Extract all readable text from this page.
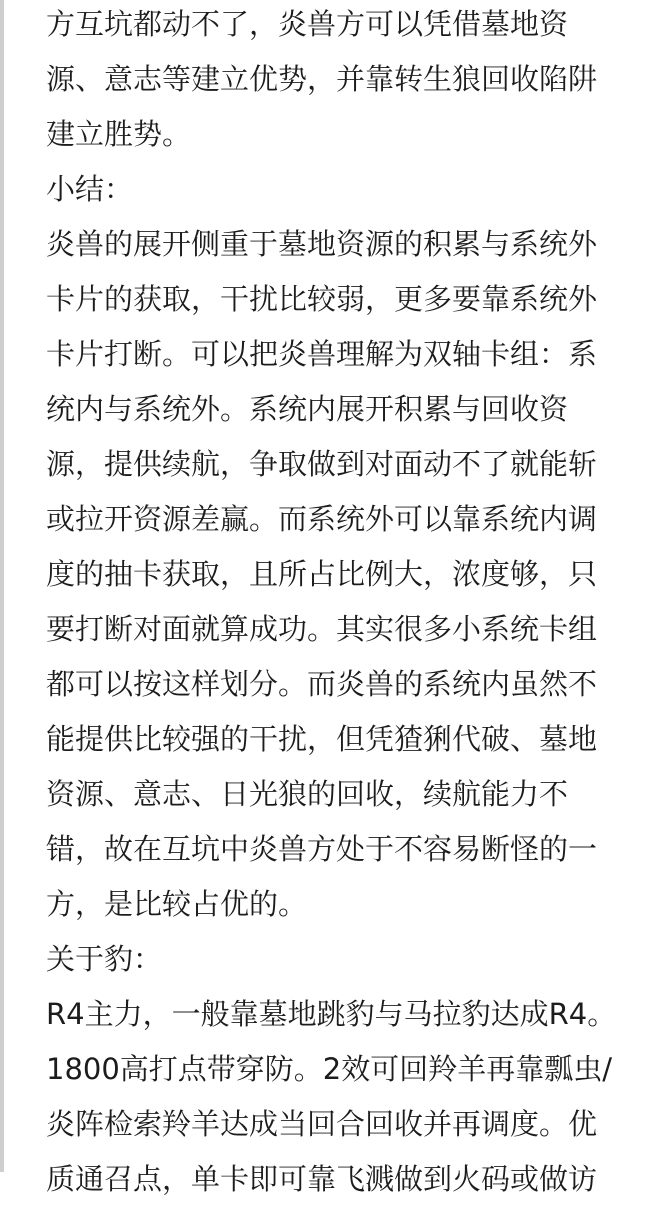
方互坑都动不了，炎兽方可以凭借墓地资
源、意志等建立优势，并靠转生狼回收陷阱
建立胜势。
小结：
炎兽的展开侧重于墓地资源的积累与系统外
卡片的获取，干扰比较弱，更多要靠系统外
卡片打断。可以把炎兽理解为双轴卡组：系
统内与系统外。系统内展开积累与回收资
源，提供续航，争取做到对面动不了就能斩
或拉开资源差赢。而系统外可以靠系统内调
度的抽卡获取，且所占比例大，浓度够，只
要打断对面就算成功。其实很多小系统卡组
都可以按这样划分。而炎兽的系统内虽然不
能提供比较强的干扰，但凭猹猁代破、墓地
资源、意志、日光狼的回收，续航能力不
错，故在互坑中炎兽方处于不容易断怪的一
方，是比较占优的。
关于豹：
R4主力，一般靠墓地跳豹与马拉豹达成R4。
1800高打点带穿防。2效可回羚羊再靠瓢虫/
炎阵检索羚羊达成当回合回收并再调度。优
质通召点，单卡即可靠飞溅做到火码或做访
